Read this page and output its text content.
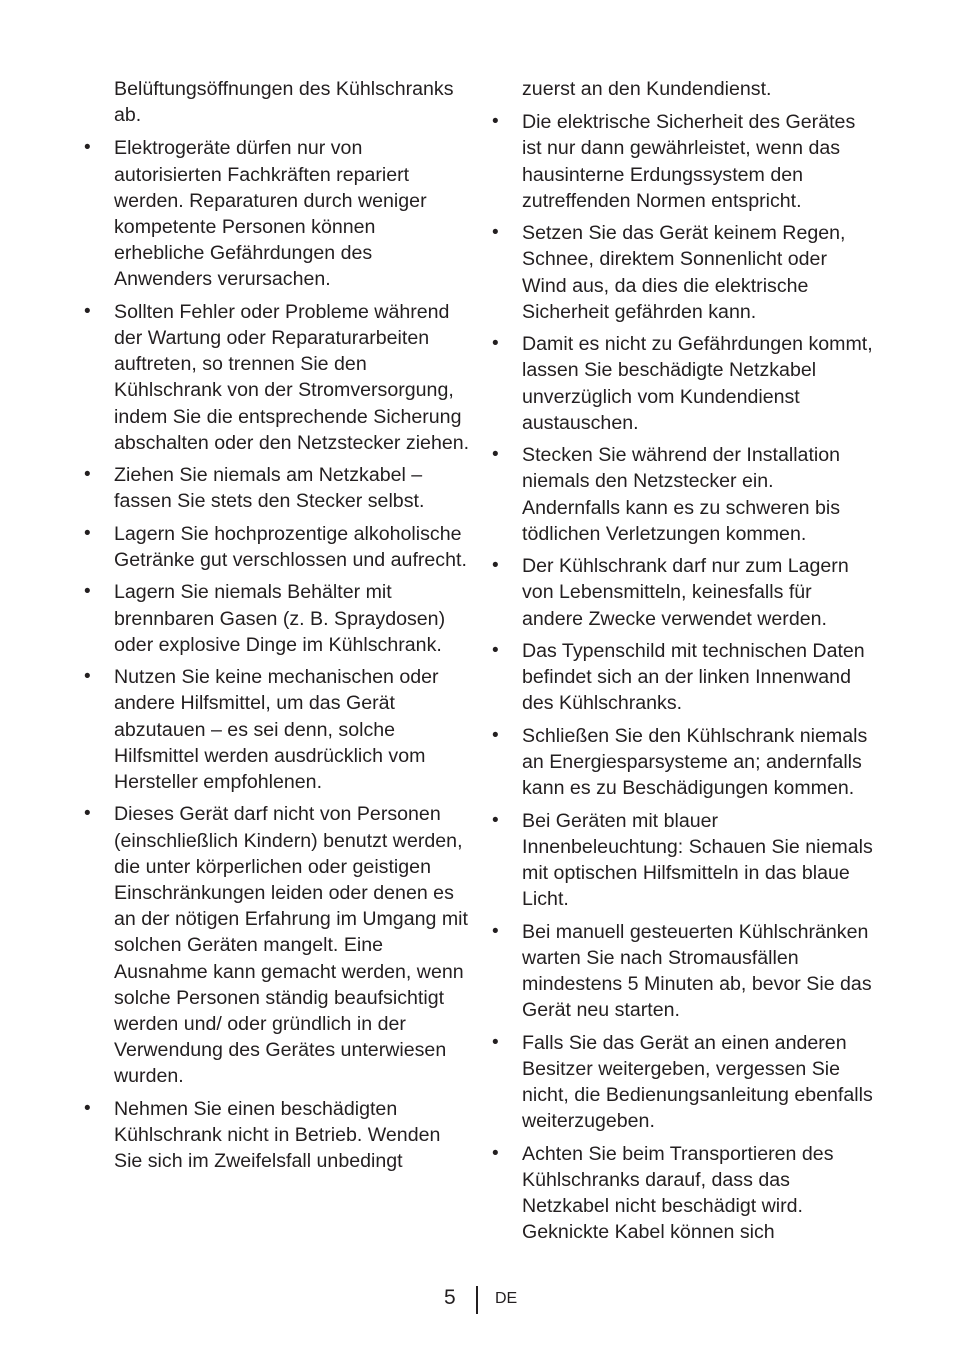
Belüftungsöffnungen des Kühlschranks ab.

•	Elektrogeräte dürfen nur von autorisierten Fachkräften repariert werden. Reparaturen durch weniger kompetente Personen können erhebliche Gefährdungen des Anwenders verursachen.
•	Sollten Fehler oder Probleme während der Wartung oder Reparaturarbeiten auftreten, so trennen Sie den Kühlschrank von der Stromversorgung, indem Sie die entsprechende Sicherung abschalten oder den Netzstecker ziehen.
•	Ziehen Sie niemals am Netzkabel – fassen Sie stets den Stecker selbst.
•	Lagern Sie hochprozentige alkoholische Getränke gut verschlossen und aufrecht.
•	Lagern Sie niemals Behälter mit brennbaren Gasen (z. B. Spraydosen) oder explosive Dinge im Kühlschrank.
•	Nutzen Sie keine mechanischen oder andere Hilfsmittel, um das Gerät abzutauen – es sei denn, solche Hilfsmittel werden ausdrücklich vom Hersteller empfohlenen.
•	Dieses Gerät darf nicht von Personen (einschließlich Kindern) benutzt werden, die unter körperlichen oder geistigen Einschränkungen leiden oder denen es an der nötigen Erfahrung im Umgang mit solchen Geräten mangelt. Eine Ausnahme kann gemacht werden, wenn solche Personen ständig beaufsichtigt werden und/ oder gründlich in der Verwendung des Gerätes unterwiesen wurden.
•	Nehmen Sie einen beschädigten Kühlschrank nicht in Betrieb. Wenden Sie sich im Zweifelsfall unbedingt

zuerst an den Kundendienst.

•	Die elektrische Sicherheit des Gerätes ist nur dann gewährleistet, wenn das hausinterne Erdungssystem den zutreffenden Normen entspricht.
•	Setzen Sie das Gerät keinem Regen, Schnee, direktem Sonnenlicht oder Wind aus, da dies die elektrische Sicherheit gefährden kann.
•	Damit es nicht zu Gefährdungen kommt, lassen Sie beschädigte Netzkabel unverzüglich vom Kundendienst austauschen.
•	Stecken Sie während der Installation niemals den Netzstecker ein. Andernfalls kann es zu schweren bis tödlichen Verletzungen kommen.
•	Der Kühlschrank darf nur zum Lagern von Lebensmitteln, keinesfalls für andere Zwecke verwendet werden.
•	Das Typenschild mit technischen Daten befindet sich an der linken Innenwand des Kühlschranks.
•	Schließen Sie den Kühlschrank niemals an Energiesparsysteme an; andernfalls kann es zu Beschädigungen kommen.
•	Bei Geräten mit blauer Innenbeleuchtung: Schauen Sie niemals mit optischen Hilfsmitteln in das blaue Licht.
•	Bei manuell gesteuerten Kühlschränken warten Sie nach Stromausfällen mindestens 5 Minuten ab, bevor Sie das Gerät neu starten.
•	Falls Sie das Gerät an einen anderen Besitzer weitergeben, vergessen Sie nicht, die Bedienungsanleitung ebenfalls weiterzugeben.
•	Achten Sie beim Transportieren des Kühlschranks darauf, dass das Netzkabel nicht beschädigt wird. Geknickte Kabel können sich
5 DE
